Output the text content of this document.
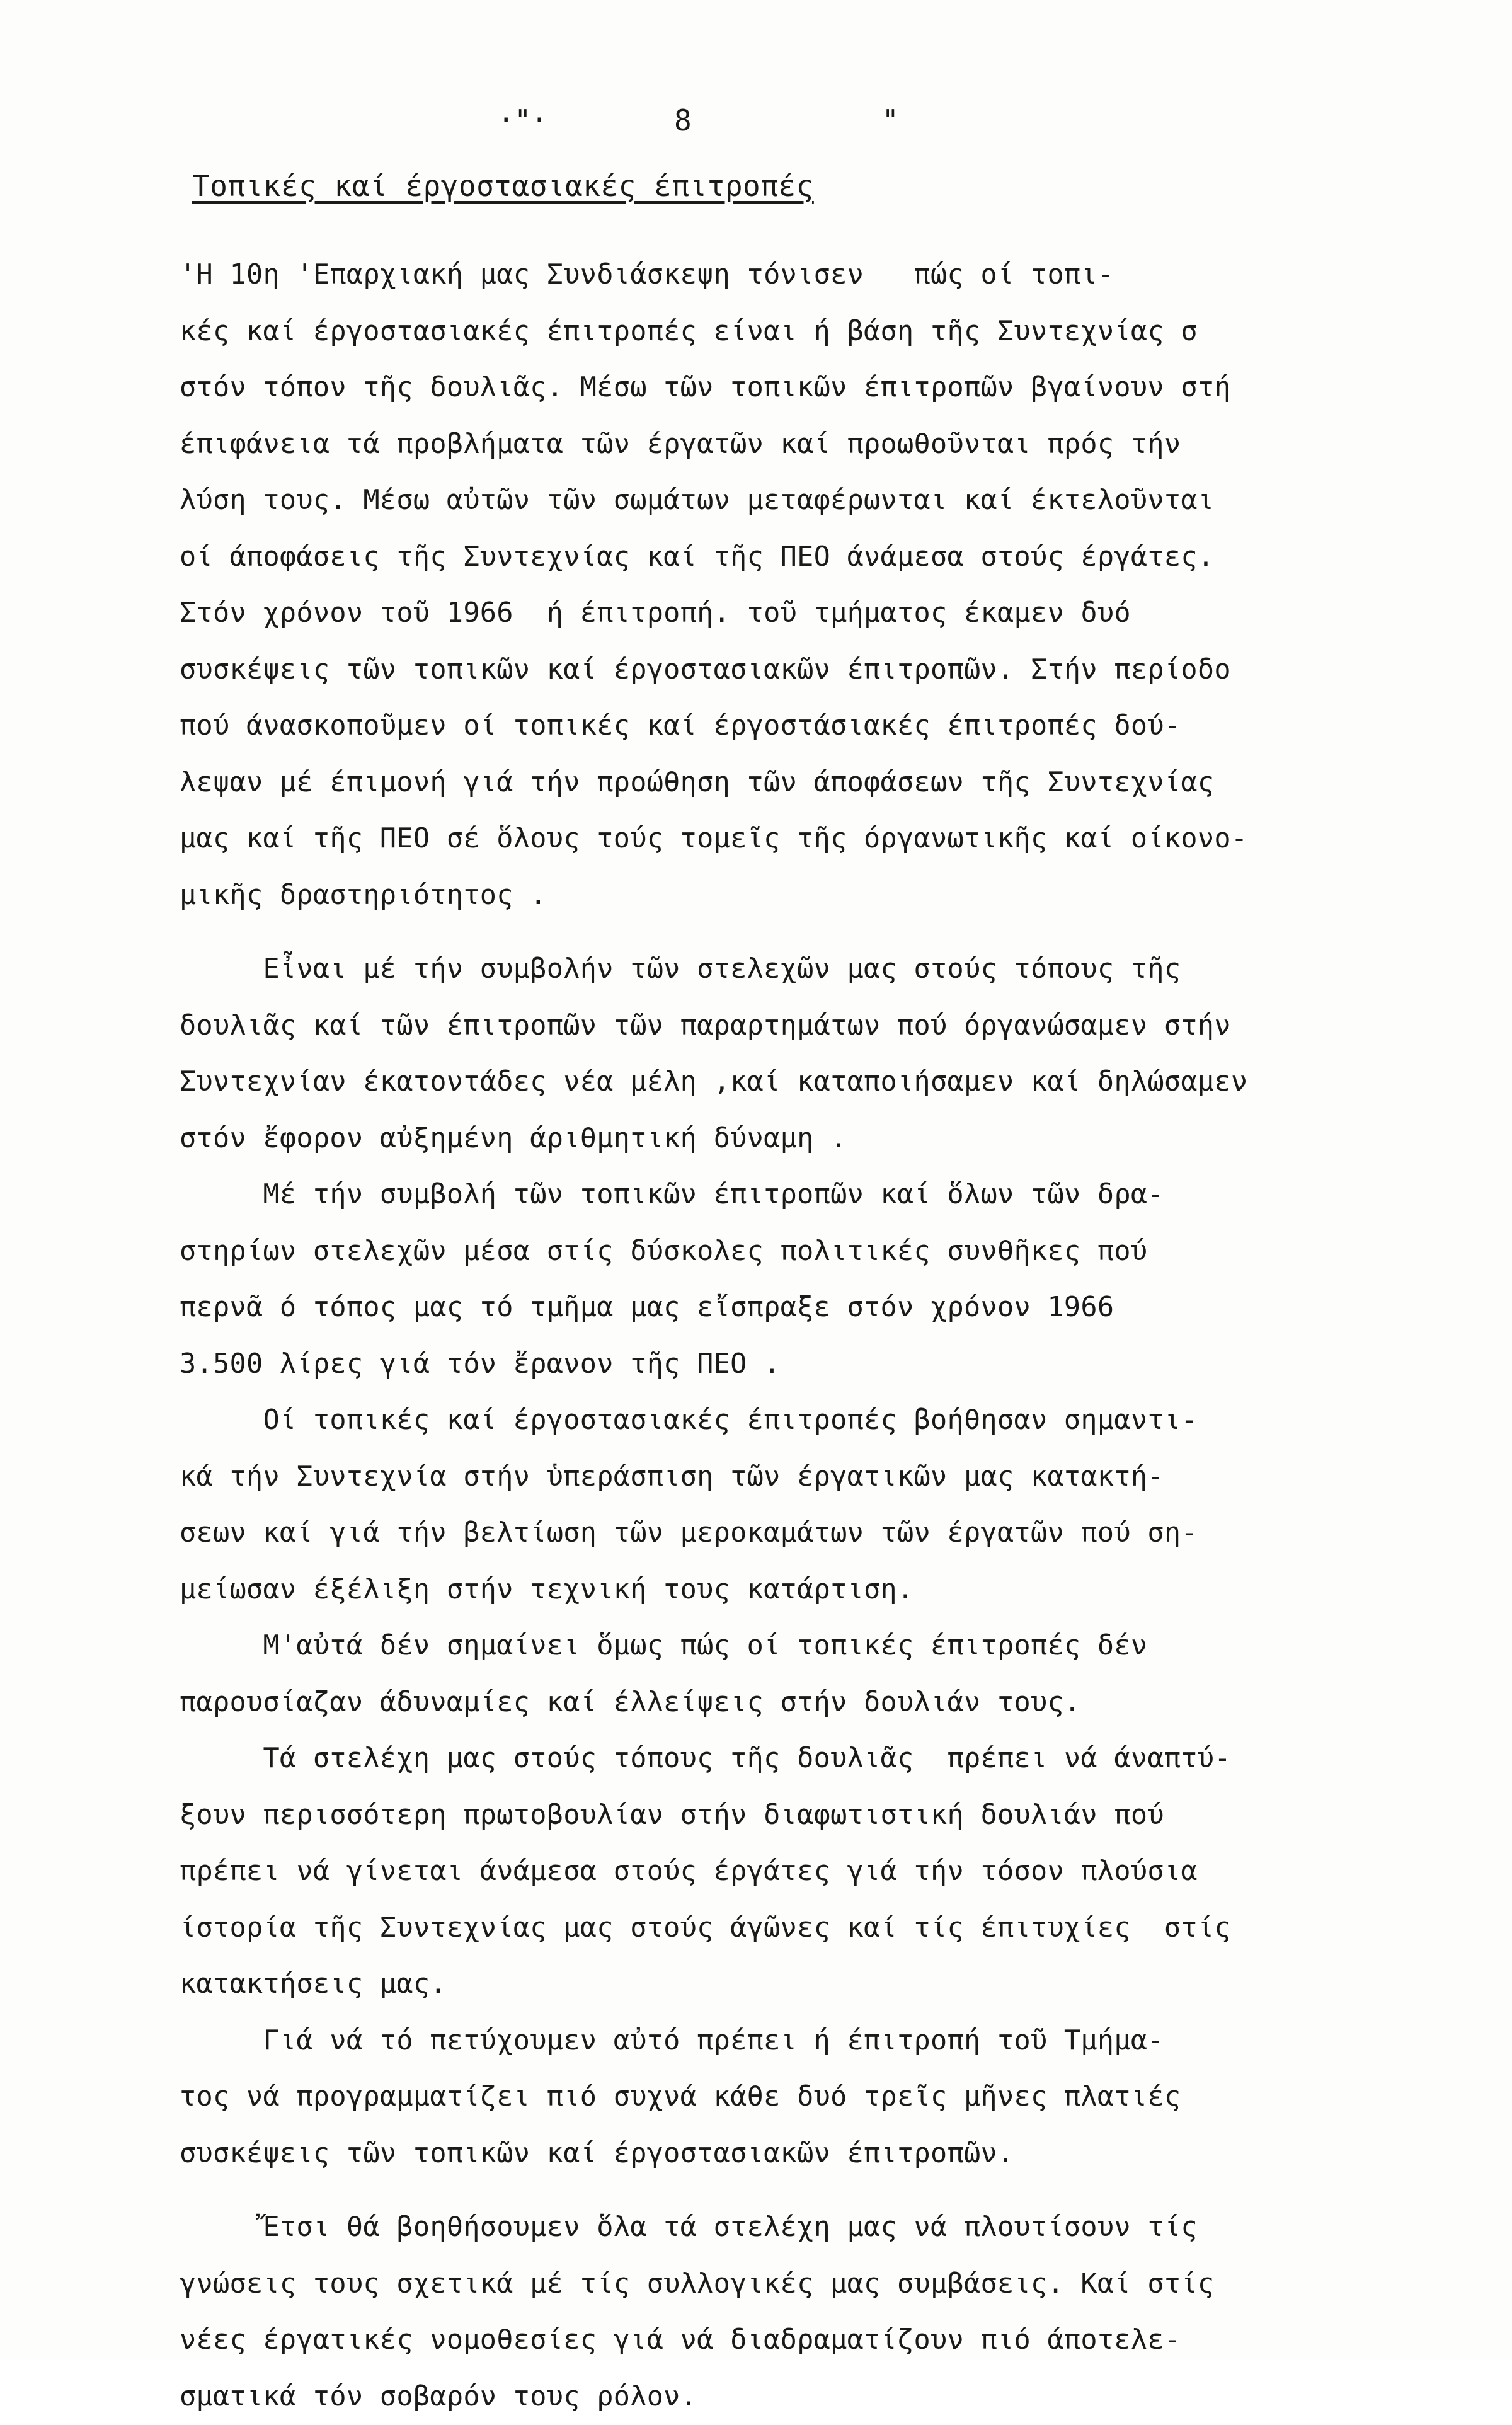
·"·	8	"
Τοπικές καί έργοστασιακές έπιτροπές

'Η 10η 'Επαρχιακή μας Συνδιάσκεψη τόνισεν   πώς οί τοπι-
κές καί έργοστασιακές έπιτροπές είναι ή βάση τῆς Συντεχνίας σ
στόν τόπον τῆς δουλιᾶς. Μέσω τῶν τοπικῶν έπιτροπῶν βγαίνουν στή
έπιφάνεια τά προβλήματα τῶν έργατῶν καί προωθοῦνται πρός τήν
λύση τους. Μέσω αὐτῶν τῶν σωμάτων μεταφέρωνται καί έκτελοῦνται
οί άποφάσεις τῆς Συντεχνίας καί τῆς ΠΕΟ άνάμεσα στούς έργάτες.
Στόν χρόνον τοῦ 1966  ή έπιτροπή. τοῦ τμήματος έκαμεν δυό
συσκέψεις τῶν τοπικῶν καί έργοστασιακῶν έπιτροπῶν. Στήν περίοδο
πού άνασκοποῦμεν οί τοπικές καί έργοστάσιακές έπιτροπές δού-
λεψαν μέ έπιμονή γιά τήν προώθηση τῶν άποφάσεων τῆς Συντεχνίας
μας καί τῆς ΠΕΟ σέ ὅλους τούς τομεῖς τῆς όργανωτικῆς καί οίκονο-
μικῆς δραστηριότητος .

Εἶναι μέ τήν συμβολήν τῶν στελεχῶν μας στούς τόπους τῆς
δουλιᾶς καί τῶν έπιτροπῶν τῶν παραρτημάτων πού όργανώσαμεν στήν
Συντεχνίαν έκατοντάδες νέα μέλη ,καί καταποιήσαμεν καί δηλώσαμεν
στόν ἔφορον αὐξημένη άριθμητική δύναμη .

Μέ τήν συμβολή τῶν τοπικῶν έπιτροπῶν καί ὅλων τῶν δρα-
στηρίων στελεχῶν μέσα στίς δύσκολες πολιτικές συνθῆκες πού
περνᾶ ό τόπος μας τό τμῆμα μας εἴσπραξε στόν χρόνον 1966
3.500 λίρες γιά τόν ἔρανον τῆς ΠΕΟ .

Οί τοπικές καί έργοστασιακές έπιτροπές βοήθησαν σημαντι-
κά τήν Συντεχνία στήν ὑπεράσπιση τῶν έργατικῶν μας κατακτή-
σεων καί γιά τήν βελτίωση τῶν μεροκαμάτων τῶν έργατῶν πού ση-
μείωσαν έξέλιξη στήν τεχνική τους κατάρτιση.

Μ'αὐτά δέν σημαίνει ὅμως πώς οί τοπικές έπιτροπές δέν
παρουσίαζαν άδυναμίες καί έλλείψεις στήν δουλιάν τους.

Τά στελέχη μας στούς τόπους τῆς δουλιᾶς  πρέπει νά άναπτύ-
ξουν περισσότερη πρωτοβουλίαν στήν διαφωτιστική δουλιάν πού
πρέπει νά γίνεται άνάμεσα στούς έργάτες γιά τήν τόσον πλούσια
ίστορία τῆς Συντεχνίας μας στούς άγῶνες καί τίς έπιτυχίες  στίς
κατακτήσεις μας.

Γιά νά τό πετύχουμεν αὐτό πρέπει ή έπιτροπή τοῦ Τμήμα-
τος νά προγραμματίζει πιό συχνά κάθε δυό τρεῖς μῆνες πλατιές
συσκέψεις τῶν τοπικῶν καί έργοστασιακῶν έπιτροπῶν.

Ἔτσι θά βοηθήσουμεν ὅλα τά στελέχη μας νά πλουτίσουν τίς
γνώσεις τους σχετικά μέ τίς συλλογικές μας συμβάσεις. Καί στίς
νέες έργατικές νομοθεσίες γιά νά διαδραματίζουν πιό άποτελε-
σματικά τόν σοβαρόν τους ρόλον.
